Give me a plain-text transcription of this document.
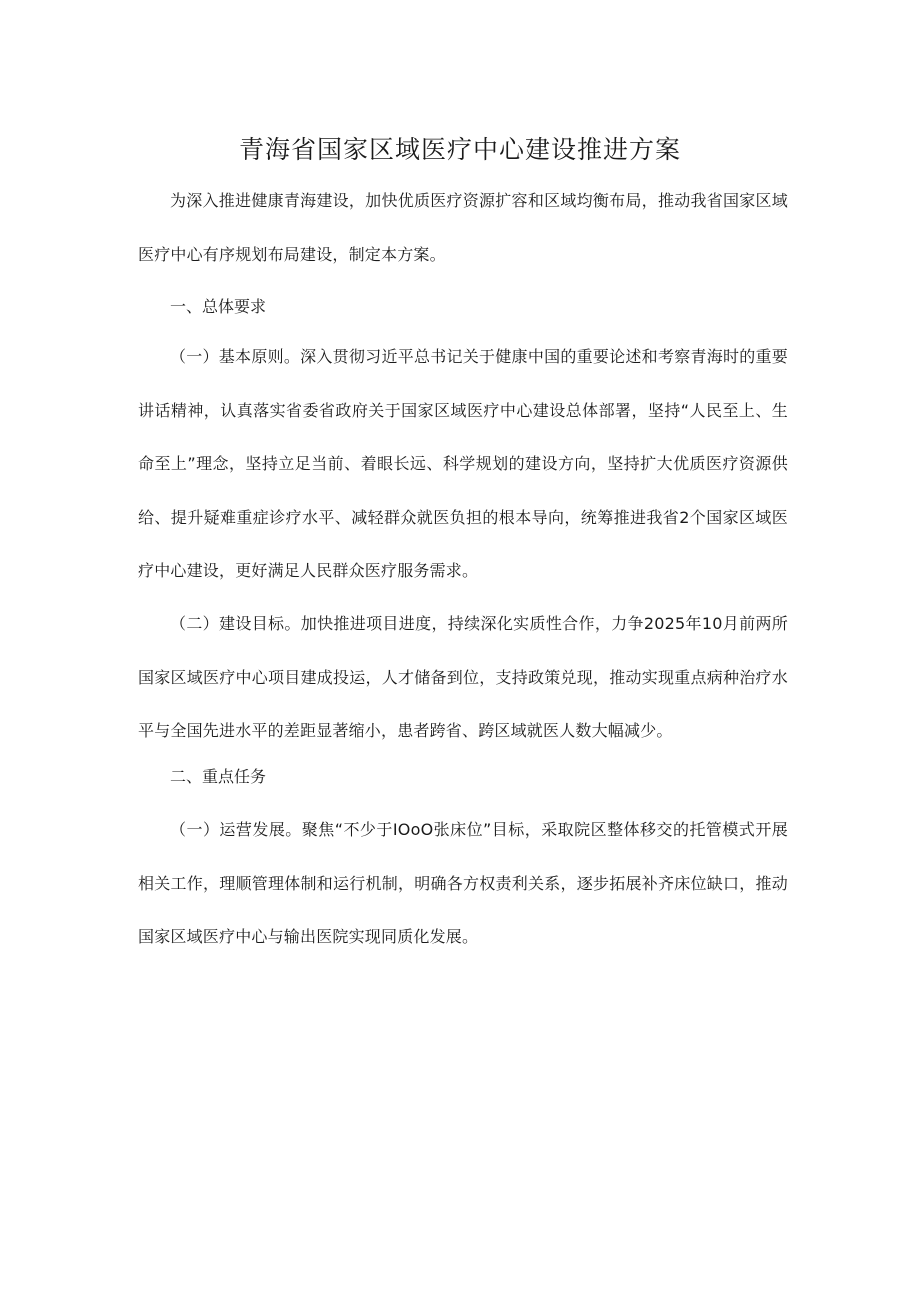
青海省国家区域医疗中心建设推进方案

为深入推进健康青海建设，加快优质医疗资源扩容和区域均衡布局，推动我省国家区域医疗中心有序规划布局建设，制定本方案。

一、总体要求

（一）基本原则。深入贯彻习近平总书记关于健康中国的重要论述和考察青海时的重要讲话精神，认真落实省委省政府关于国家区域医疗中心建设总体部署，坚持“人民至上、生命至上”理念，坚持立足当前、着眼长远、科学规划的建设方向，坚持扩大优质医疗资源供给、提升疑难重症诊疗水平、减轻群众就医负担的根本导向，统筹推进我省2个国家区域医疗中心建设，更好满足人民群众医疗服务需求。

（二）建设目标。加快推进项目进度，持续深化实质性合作，力争2025年10月前两所国家区域医疗中心项目建成投运，人才储备到位，支持政策兑现，推动实现重点病种治疗水平与全国先进水平的差距显著缩小，患者跨省、跨区域就医人数大幅减少。

二、重点任务

（一）运营发展。聚焦“不少于IOoO张床位”目标，采取院区整体移交的托管模式开展相关工作，理顺管理体制和运行机制，明确各方权责利关系，逐步拓展补齐床位缺口，推动国家区域医疗中心与输出医院实现同质化发展。
